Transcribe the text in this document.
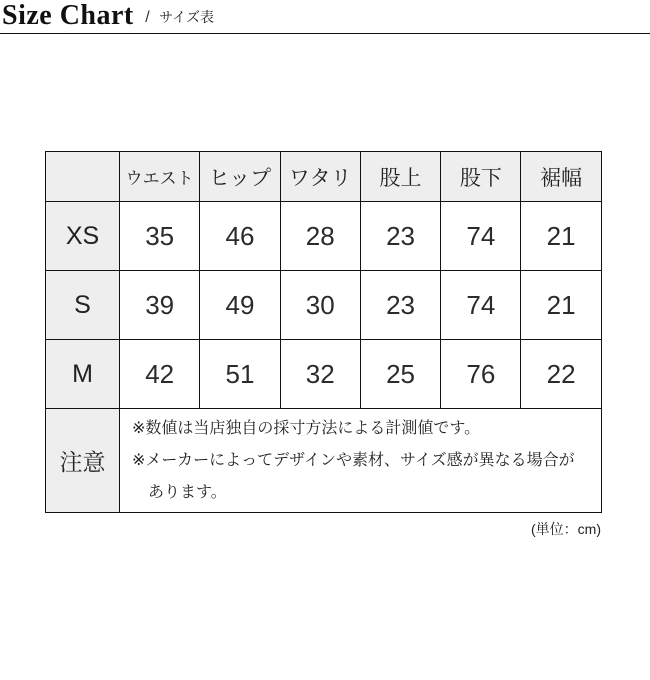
Size Chart / サイズ表
	ウエスト	ヒップ	ワタリ	股上	股下	裾幅
XS	35	46	28	23	74	21
S	39	49	30	23	74	21
M	42	51	32	25	76	22
注意	※数値は当店独自の採寸方法による計測値です。

※メーカーによってデザインや素材、サイズ感が異なる場合があります。					

(単位：cm)
